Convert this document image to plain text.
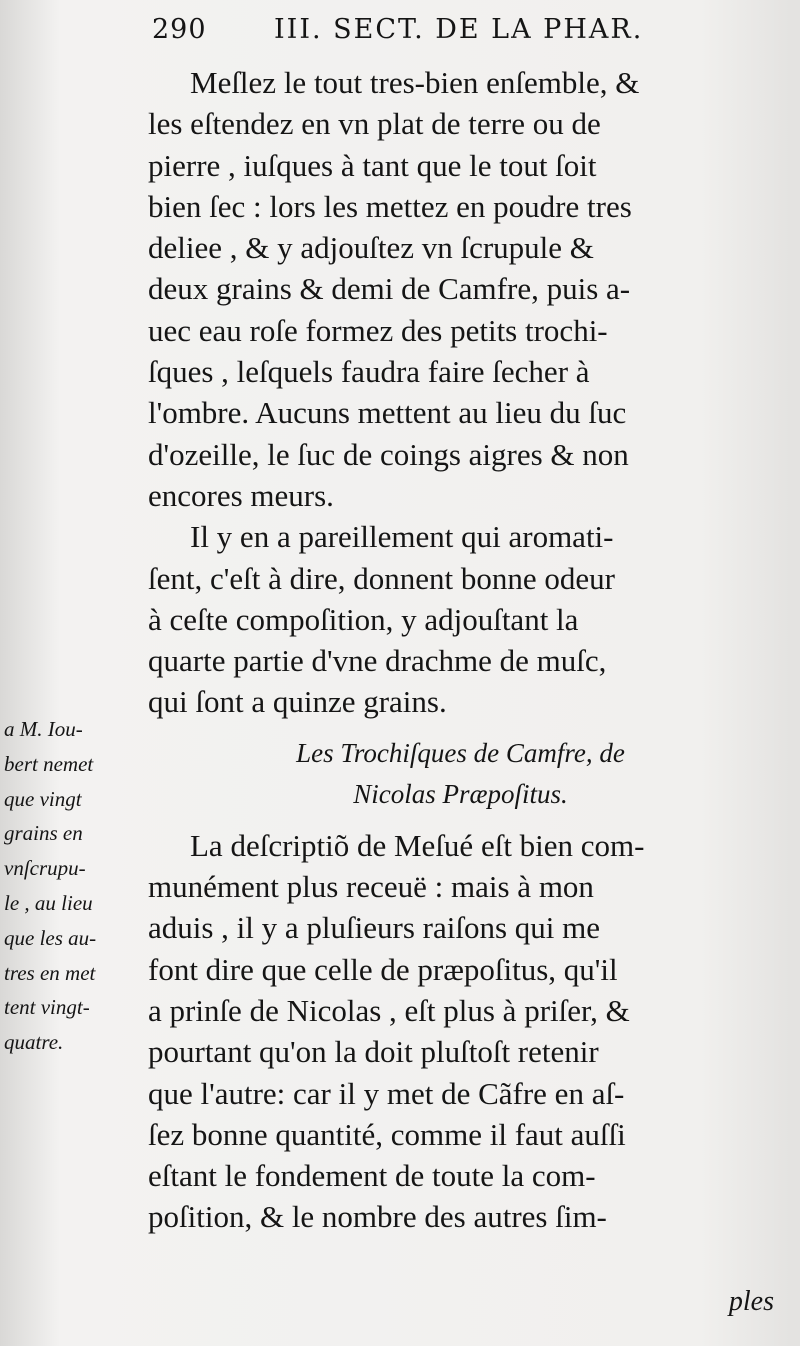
290 III. SECT. DE LA PHAR.
Meſlez le tout tres-bien enſemble, &
les eſtendez en vn plat de terre ou de
pierre , iuſques à tant que le tout ſoit
bien ſec : lors les mettez en poudre tres
deliee , & y adjouſtez vn ſcrupule &
deux grains & demi de Camfre, puis a-
uec eau roſe formez des petits trochi-
ſques , leſquels faudra faire ſecher à
l'ombre. Aucuns mettent au lieu du ſuc
d'ozeille, le ſuc de coings aigres & non
encores meurs.
Il y en a pareillement qui aromati-
ſent, c'eſt à dire, donnent bonne odeur
à ceſte compoſition, y adjouſtant la
quarte partie d'vne drachme de muſc,
qui ſont a quinze grains.
Les Trochiſques de Camfre, de
Nicolas Præpoſitus.
La deſcriptiõ de Meſué eſt bien com-
munément plus receuë : mais à mon
aduis , il y a pluſieurs raiſons qui me
font dire que celle de præpoſitus, qu'il
a prinſe de Nicolas , eſt plus à priſer, &
pourtant qu'on la doit pluſtoſt retenir
que l'autre: car il y met de Cãfre en aſ-
ſez bonne quantité, comme il faut auſſi
eſtant le fondement de toute la com-
poſition, & le nombre des autres ſim-
a M. Iou-
bert nemet
que vingt
grains en
vnſcrupu-
le , au lieu
que les au-
tres en met
tent vingt-
quatre.
ples
